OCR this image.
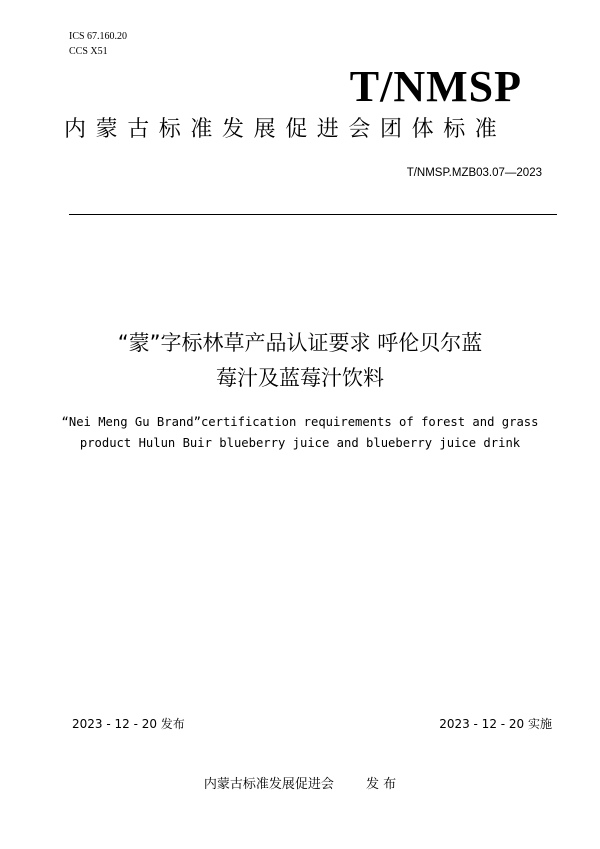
ICS 67.160.20
CCS X51
T/NMSP
内蒙古标准发展促进会团体标准
T/NMSP.MZB03.07—2023
“蒙”字标林草产品认证要求 呼伦贝尔蓝
莓汁及蓝莓汁饮料
“Nei Meng Gu Brand”certification requirements of forest and grass
product Hulun Buir blueberry juice and blueberry juice drink
2023 - 12 - 20 发布	2023 - 12 - 20 实施
内蒙古标准发展促进会 发 布
